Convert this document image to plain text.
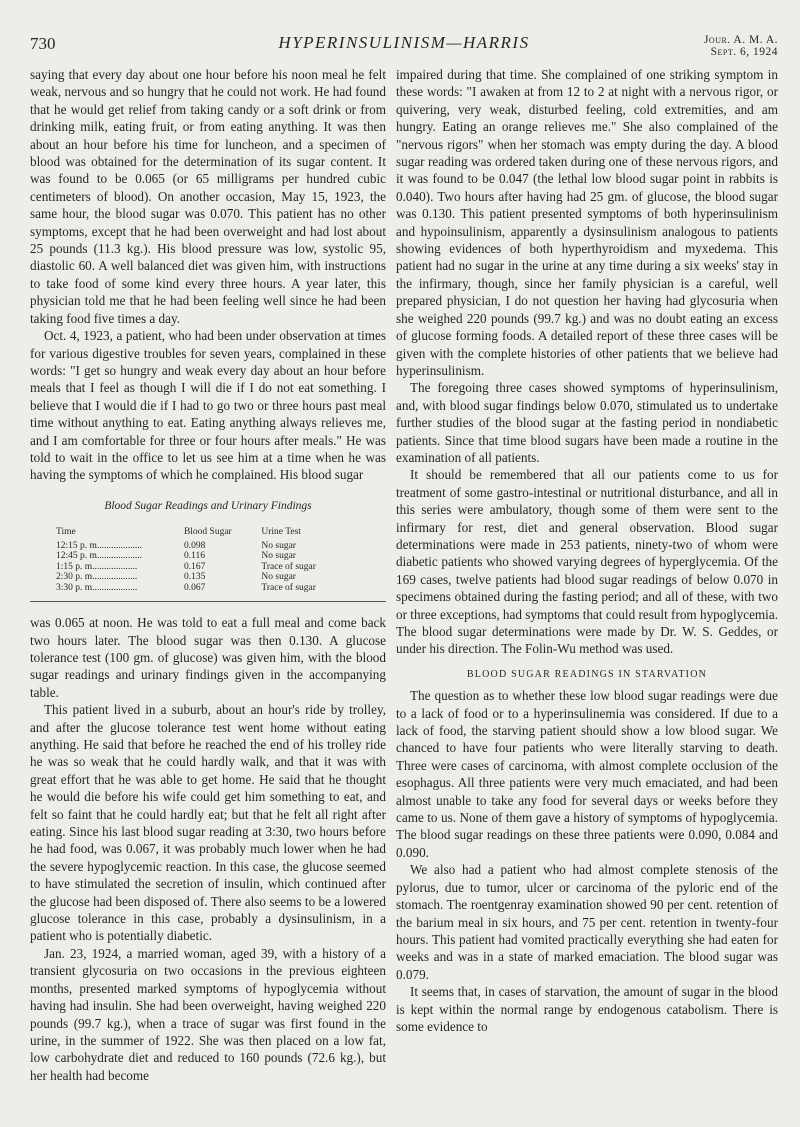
730	HYPERINSULINISM—HARRIS	Jour. A. M. A.
Sept. 6, 1924

saying that every day about one hour before his noon meal he felt weak, nervous and so hungry that he could not work. He had found that he would get relief from taking candy or a soft drink or from drinking milk, eating fruit, or from eating anything. It was then about an hour before his time for luncheon, and a specimen of blood was obtained for the determination of its sugar content. It was found to be 0.065 (or 65 milligrams per hundred cubic centimeters of blood). On another occasion, May 15, 1923, the same hour, the blood sugar was 0.070. This patient has no other symptoms, except that he had been overweight and had lost about 25 pounds (11.3 kg.). His blood pressure was low, systolic 95, diastolic 60. A well balanced diet was given him, with instructions to take food of some kind every three hours. A year later, this physician told me that he had been feeling well since he had been taking food five times a day.

Oct. 4, 1923, a patient, who had been under observation at times for various digestive troubles for seven years, complained in these words: "I get so hungry and weak every day about an hour before meals that I feel as though I will die if I do not eat something. I believe that I would die if I had to go two or three hours past meal time without anything to eat. Eating anything always relieves me, and I am comfortable for three or four hours after meals." He was told to wait in the office to let us see him at a time when he was having the symptoms of which he complained. His blood sugar

Blood Sugar Readings and Urinary Findings
Time	Blood Sugar	Urine Test
12:15 p. m...................	0.098	No sugar
12:45 p. m...................	0.116	No sugar
1:15 p. m...................	0.167	Trace of sugar
2:30 p. m...................	0.135	No sugar
3:30 p. m...................	0.067	Trace of sugar

was 0.065 at noon. He was told to eat a full meal and come back two hours later. The blood sugar was then 0.130. A glucose tolerance test (100 gm. of glucose) was given him, with the blood sugar readings and urinary findings given in the accompanying table.

This patient lived in a suburb, about an hour's ride by trolley, and after the glucose tolerance test went home without eating anything. He said that before he reached the end of his trolley ride he was so weak that he could hardly walk, and that it was with great effort that he was able to get home. He said that he thought he would die before his wife could get him something to eat, and felt so faint that he could hardly eat; but that he felt all right after eating. Since his last blood sugar reading at 3:30, two hours before he had food, was 0.067, it was probably much lower when he had the severe hypoglycemic reaction. In this case, the glucose seemed to have stimulated the secretion of insulin, which continued after the glucose had been disposed of. There also seems to be a lowered glucose tolerance in this case, probably a dysinsulinism, in a patient who is potentially diabetic.

Jan. 23, 1924, a married woman, aged 39, with a history of a transient glycosuria on two occasions in the previous eighteen months, presented marked symptoms of hypoglycemia without having had insulin. She had been overweight, having weighed 220 pounds (99.7 kg.), when a trace of sugar was first found in the urine, in the summer of 1922. She was then placed on a low fat, low carbohydrate diet and reduced to 160 pounds (72.6 kg.), but her health had become

impaired during that time. She complained of one striking symptom in these words: "I awaken at from 12 to 2 at night with a nervous rigor, or quivering, very weak, disturbed feeling, cold extremities, and am hungry. Eating an orange relieves me." She also complained of the "nervous rigors" when her stomach was empty during the day. A blood sugar reading was ordered taken during one of these nervous rigors, and it was found to be 0.047 (the lethal low blood sugar point in rabbits is 0.040). Two hours after having had 25 gm. of glucose, the blood sugar was 0.130. This patient presented symptoms of both hyperinsulinism and hypoinsulinism, apparently a dysinsulinism analogous to patients showing evidences of both hyperthyroidism and myxedema. This patient had no sugar in the urine at any time during a six weeks' stay in the infirmary, though, since her family physician is a careful, well prepared physician, I do not question her having had glycosuria when she weighed 220 pounds (99.7 kg.) and was no doubt eating an excess of glucose forming foods. A detailed report of these three cases will be given with the complete histories of other patients that we believe had hyperinsulinism.

The foregoing three cases showed symptoms of hyperinsulinism, and, with blood sugar findings below 0.070, stimulated us to undertake further studies of the blood sugar at the fasting period in nondiabetic patients. Since that time blood sugars have been made a routine in the examination of all patients.

It should be remembered that all our patients come to us for treatment of some gastro-intestinal or nutritional disturbance, and all in this series were ambulatory, though some of them were sent to the infirmary for rest, diet and general observation. Blood sugar determinations were made in 253 patients, ninety-two of whom were diabetic patients who showed varying degrees of hyperglycemia. Of the 169 cases, twelve patients had blood sugar readings of below 0.070 in specimens obtained during the fasting period; and all of these, with two or three exceptions, had symptoms that could result from hypoglycemia. The blood sugar determinations were made by Dr. W. S. Geddes, or under his direction. The Folin-Wu method was used.

BLOOD SUGAR READINGS IN STARVATION

The question as to whether these low blood sugar readings were due to a lack of food or to a hyperinsulinemia was considered. If due to a lack of food, the starving patient should show a low blood sugar. We chanced to have four patients who were literally starving to death. Three were cases of carcinoma, with almost complete occlusion of the esophagus. All three patients were very much emaciated, and had been almost unable to take any food for several days or weeks before they came to us. None of them gave a history of symptoms of hypoglycemia. The blood sugar readings on these three patients were 0.090, 0.084 and 0.090.

We also had a patient who had almost complete stenosis of the pylorus, due to tumor, ulcer or carcinoma of the pyloric end of the stomach. The roentgenray examination showed 90 per cent. retention of the barium meal in six hours, and 75 per cent. retention in twenty-four hours. This patient had vomited practically everything she had eaten for weeks and was in a state of marked emaciation. The blood sugar was 0.079.

It seems that, in cases of starvation, the amount of sugar in the blood is kept within the normal range by endogenous catabolism. There is some evidence to
